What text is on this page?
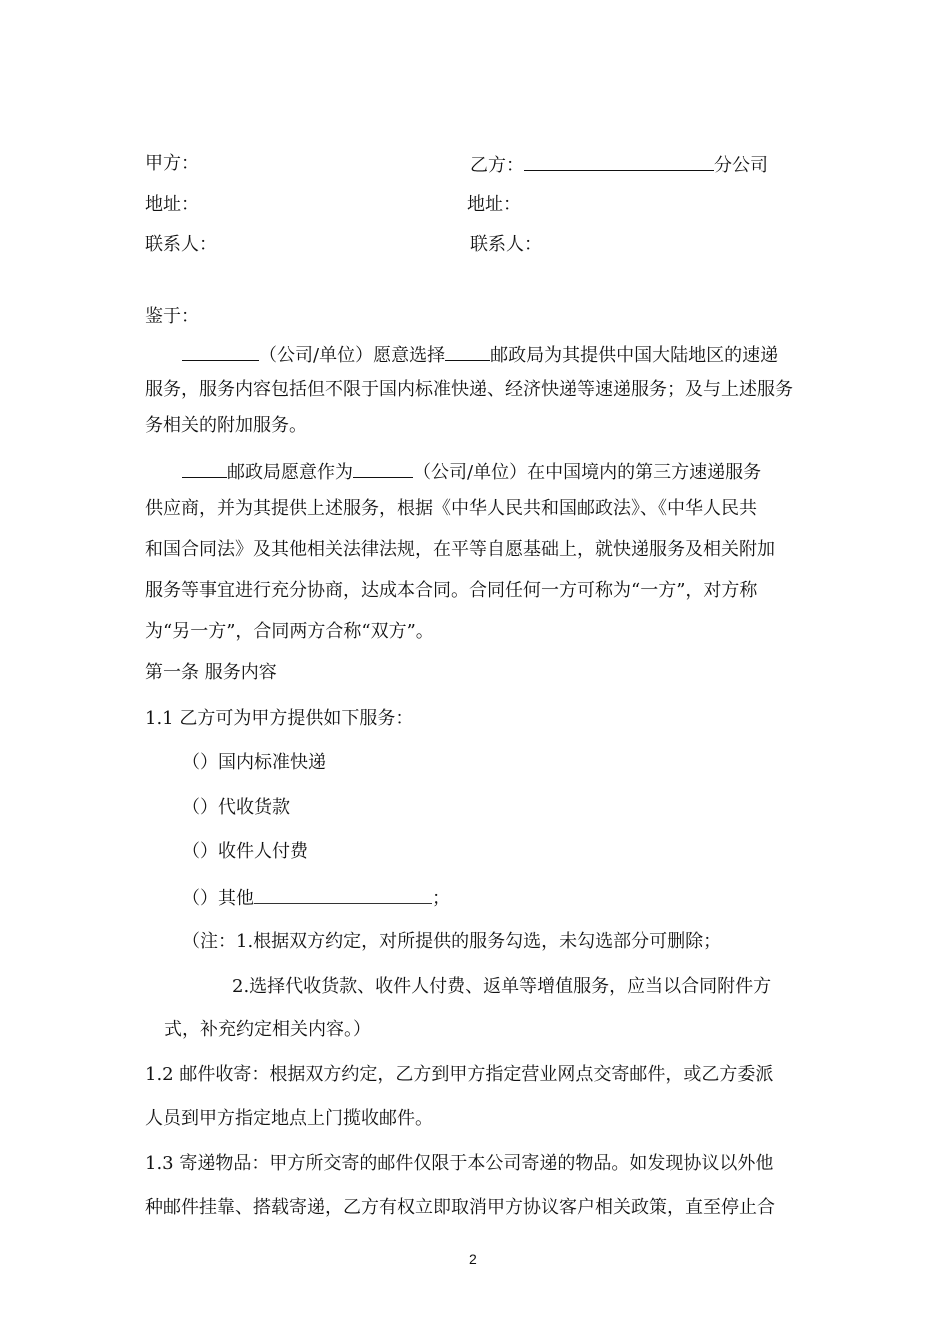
甲方：	乙方：	分公司
地址：	地址：
联系人：	联系人：
鉴于：
（公司/单位）愿意选择	邮政局为其提供中国大陆地区的速递
服务，服务内容包括但不限于国内标准快递、经济快递等速递服务；及与上述服务
务相关的附加服务。
邮政局愿意作为	（公司/单位）在中国境内的第三方速递服务
供应商，并为其提供上述服务，根据《中华人民共和国邮政法》、《中华人民共
和国合同法》及其他相关法律法规，在平等自愿基础上，就快递服务及相关附加
服务等事宜进行充分协商，达成本合同。合同任何一方可称为“一方”，对方称
为“另一方”，合同两方合称“双方”。
第一条 服务内容
1.1 乙方可为甲方提供如下服务：
（）国内标准快递
（）代收货款
（）收件人付费
（）其他	；
（注：1.根据双方约定，对所提供的服务勾选，未勾选部分可删除；
2.选择代收货款、收件人付费、返单等增值服务，应当以合同附件方
式，补充约定相关内容。）
1.2 邮件收寄：根据双方约定，乙方到甲方指定营业网点交寄邮件，或乙方委派
人员到甲方指定地点上门揽收邮件。
1.3 寄递物品：甲方所交寄的邮件仅限于本公司寄递的物品。如发现协议以外他
种邮件挂靠、搭载寄递，乙方有权立即取消甲方协议客户相关政策，直至停止合
2
